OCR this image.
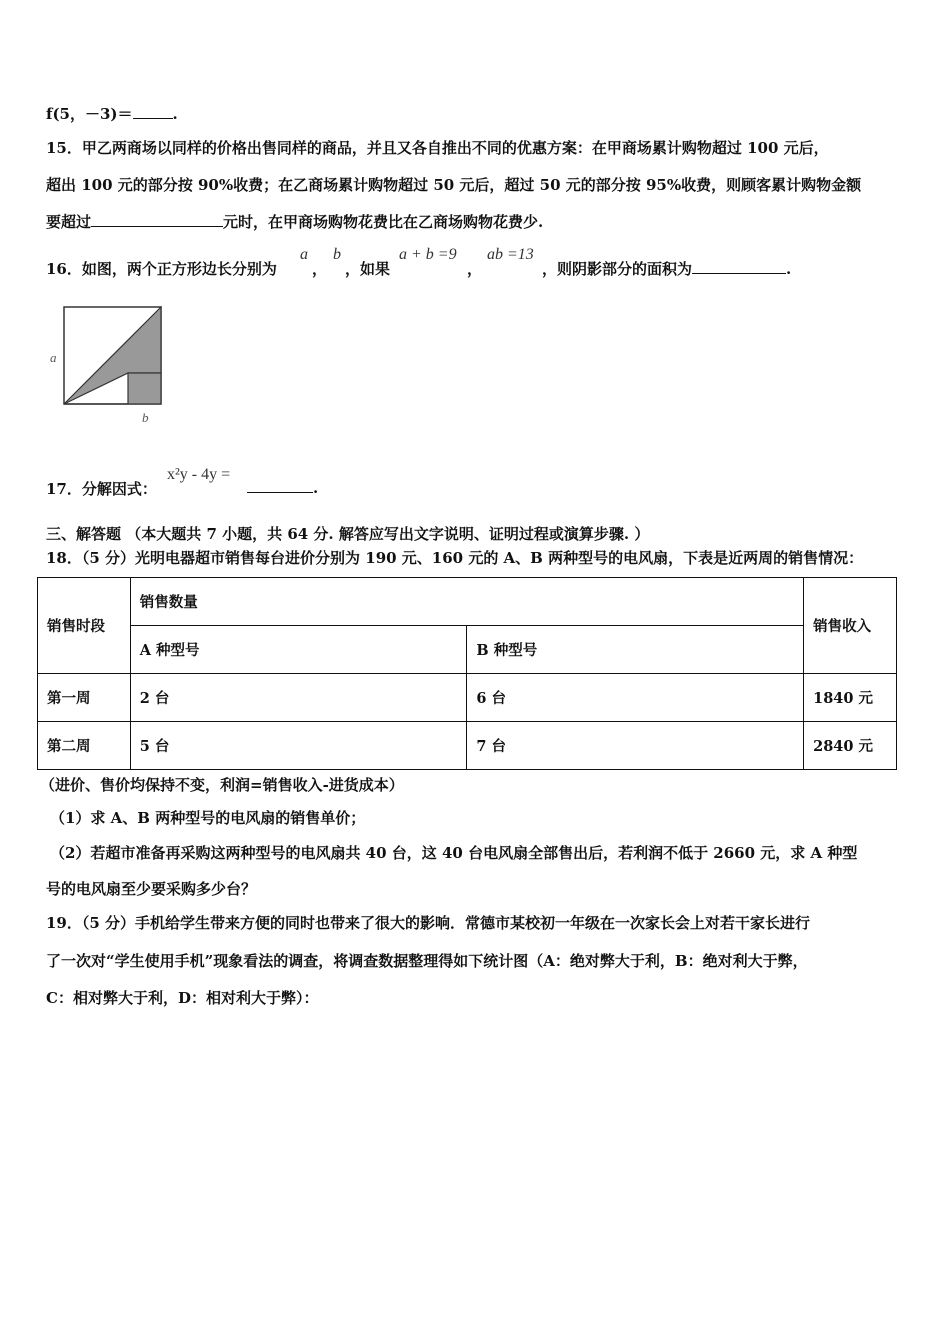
f(5，－3)＝	.
15．甲乙两商场以同样的价格出售同样的商品，并且又各自推出不同的优惠方案：在甲商场累计购物超过 100 元后，
超出 100 元的部分按 90%收费；在乙商场累计购物超过 50 元后，超过 50 元的部分按 95%收费，则顾客累计购物金额
要超过	元时，在甲商场购物花费比在乙商场购物花费少.
16．如图，两个正方形边长分别为
a
，
b
，如果
a + b =9
，
ab =13
，则阴影部分的面积为	.
a
b
17．分解因式：
x²y - 4y =
.
三、解答题 （本大题共 7 小题，共 64 分. 解答应写出文字说明、证明过程或演算步骤. ）
18．（5 分）光明电器超市销售每台进价分别为 190 元、160 元的 A、B 两种型号的电风扇，下表是近两周的销售情况：
销售时段	销售数量		销售收入
	A 种型号	B 种型号	
第一周	2 台	6 台	1840 元
第二周	5 台	7 台	2840 元
（进价、售价均保持不变，利润=销售收入-进货成本）
（1）求 A、B 两种型号的电风扇的销售单价；
（2）若超市准备再采购这两种型号的电风扇共 40 台，这 40 台电风扇全部售出后，若利润不低于 2660 元，求 A 种型
号的电风扇至少要采购多少台？
19．（5 分）手机给学生带来方便的同时也带来了很大的影响．常德市某校初一年级在一次家长会上对若干家长进行
了一次对“学生使用手机”现象看法的调查，将调查数据整理得如下统计图（A：绝对弊大于利，B：绝对利大于弊，
C：相对弊大于利，D：相对利大于弊）：
